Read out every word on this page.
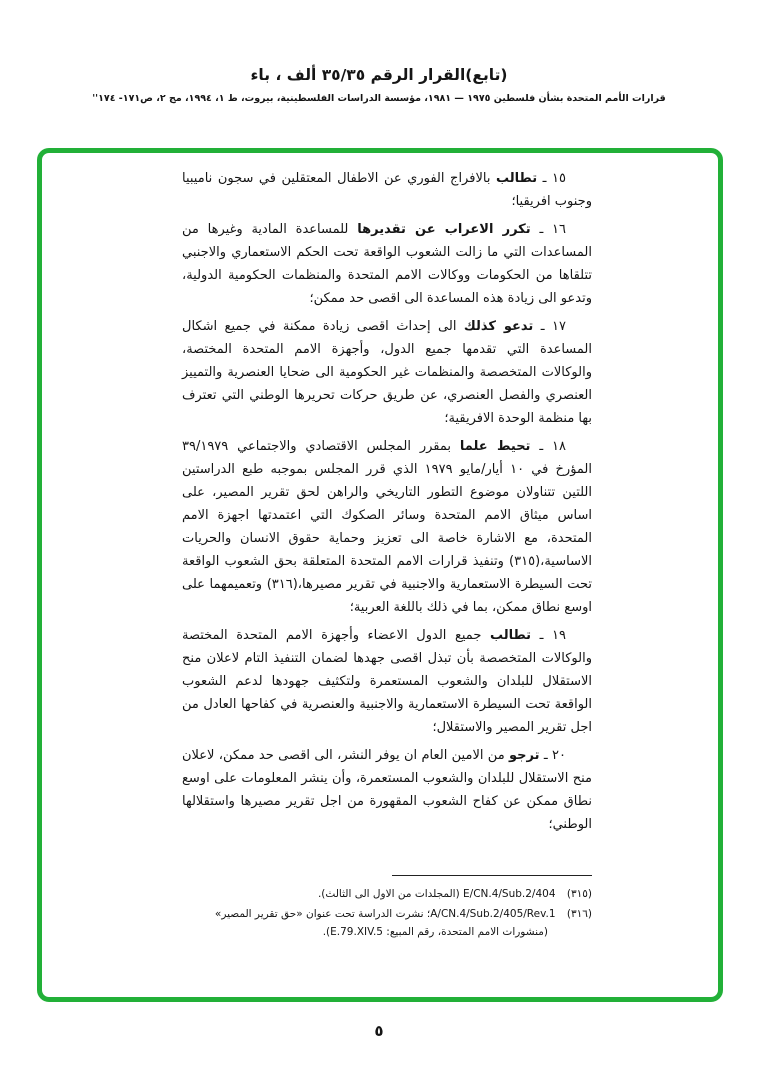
(تابع)القرار الرقم ٣٥/٣٥ ألف ، باء
قرارات الأمم المتحدة بشأن فلسطين ١٩٧٥ — ١٩٨١، مؤسسة الدراسات الفلسطينية، بيروت، ط ١، ١٩٩٤، مج ٢، ص١٧١- ١٧٤''

١٥ ـ تطالب بالافراج الفوري عن الاطفال المعتقلين في سجون ناميبيا وجنوب افريقيا؛

١٦ ـ تكرر الاعراب عن تقديرها للمساعدة المادية وغيرها من المساعدات التي ما زالت الشعوب الواقعة تحت الحكم الاستعماري والاجنبي تتلقاها من الحكومات ووكالات الامم المتحدة والمنظمات الحكومية الدولية، وتدعو الى زيادة هذه المساعدة الى اقصى حد ممكن؛

١٧ ـ تدعو كذلك الى إحداث اقصى زيادة ممكنة في جميع اشكال المساعدة التي تقدمها جميع الدول، وأجهزة الامم المتحدة المختصة، والوكالات المتخصصة والمنظمات غير الحكومية الى ضحايا العنصرية والتمييز العنصري والفصل العنصري، عن طريق حركات تحريرها الوطني التي تعترف بها منظمة الوحدة الافريقية؛

١٨ ـ تحيط علما بمقرر المجلس الاقتصادي والاجتماعي ٣٩/١٩٧٩ المؤرخ في ١٠ أيار/مايو ١٩٧٩ الذي قرر المجلس بموجبه طبع الدراستين اللتين تتناولان موضوع التطور التاريخي والراهن لحق تقرير المصير، على اساس ميثاق الامم المتحدة وسائر الصكوك التي اعتمدتها اجهزة الامم المتحدة، مع الاشارة خاصة الى تعزيز وحماية حقوق الانسان والحريات الاساسية،(٣١٥) وتنفيذ قرارات الامم المتحدة المتعلقة بحق الشعوب الواقعة تحت السيطرة الاستعمارية والاجنبية في تقرير مصيرها،(٣١٦) وتعميمهما على اوسع نطاق ممكن، بما في ذلك باللغة العربية؛

١٩ ـ تطالب جميع الدول الاعضاء وأجهزة الامم المتحدة المختصة والوكالات المتخصصة بأن تبذل اقصى جهدها لضمان التنفيذ التام لاعلان منح الاستقلال للبلدان والشعوب المستعمرة ولتكثيف جهودها لدعم الشعوب الواقعة تحت السيطرة الاستعمارية والاجنبية والعنصرية في كفاحها العادل من اجل تقرير المصير والاستقلال؛

٢٠ ـ ترجو من الامين العام ان يوفر النشر، الى اقصى حد ممكن، لاعلان منح الاستقلال للبلدان والشعوب المستعمرة، وأن ينشر المعلومات على اوسع نطاق ممكن عن كفاح الشعوب المقهورة من اجل تقرير مصيرها واستقلالها الوطني؛

(٣١٥) E/CN.4/Sub.2/404 (المجلدات من الاول الى الثالث).

(٣١٦) A/CN.4/Sub.2/405/Rev.1؛ نشرت الدراسة تحت عنوان «حق تقرير المصير» (منشورات الامم المتحدة، رقم المبيع: E.79.XIV.5).

٥
